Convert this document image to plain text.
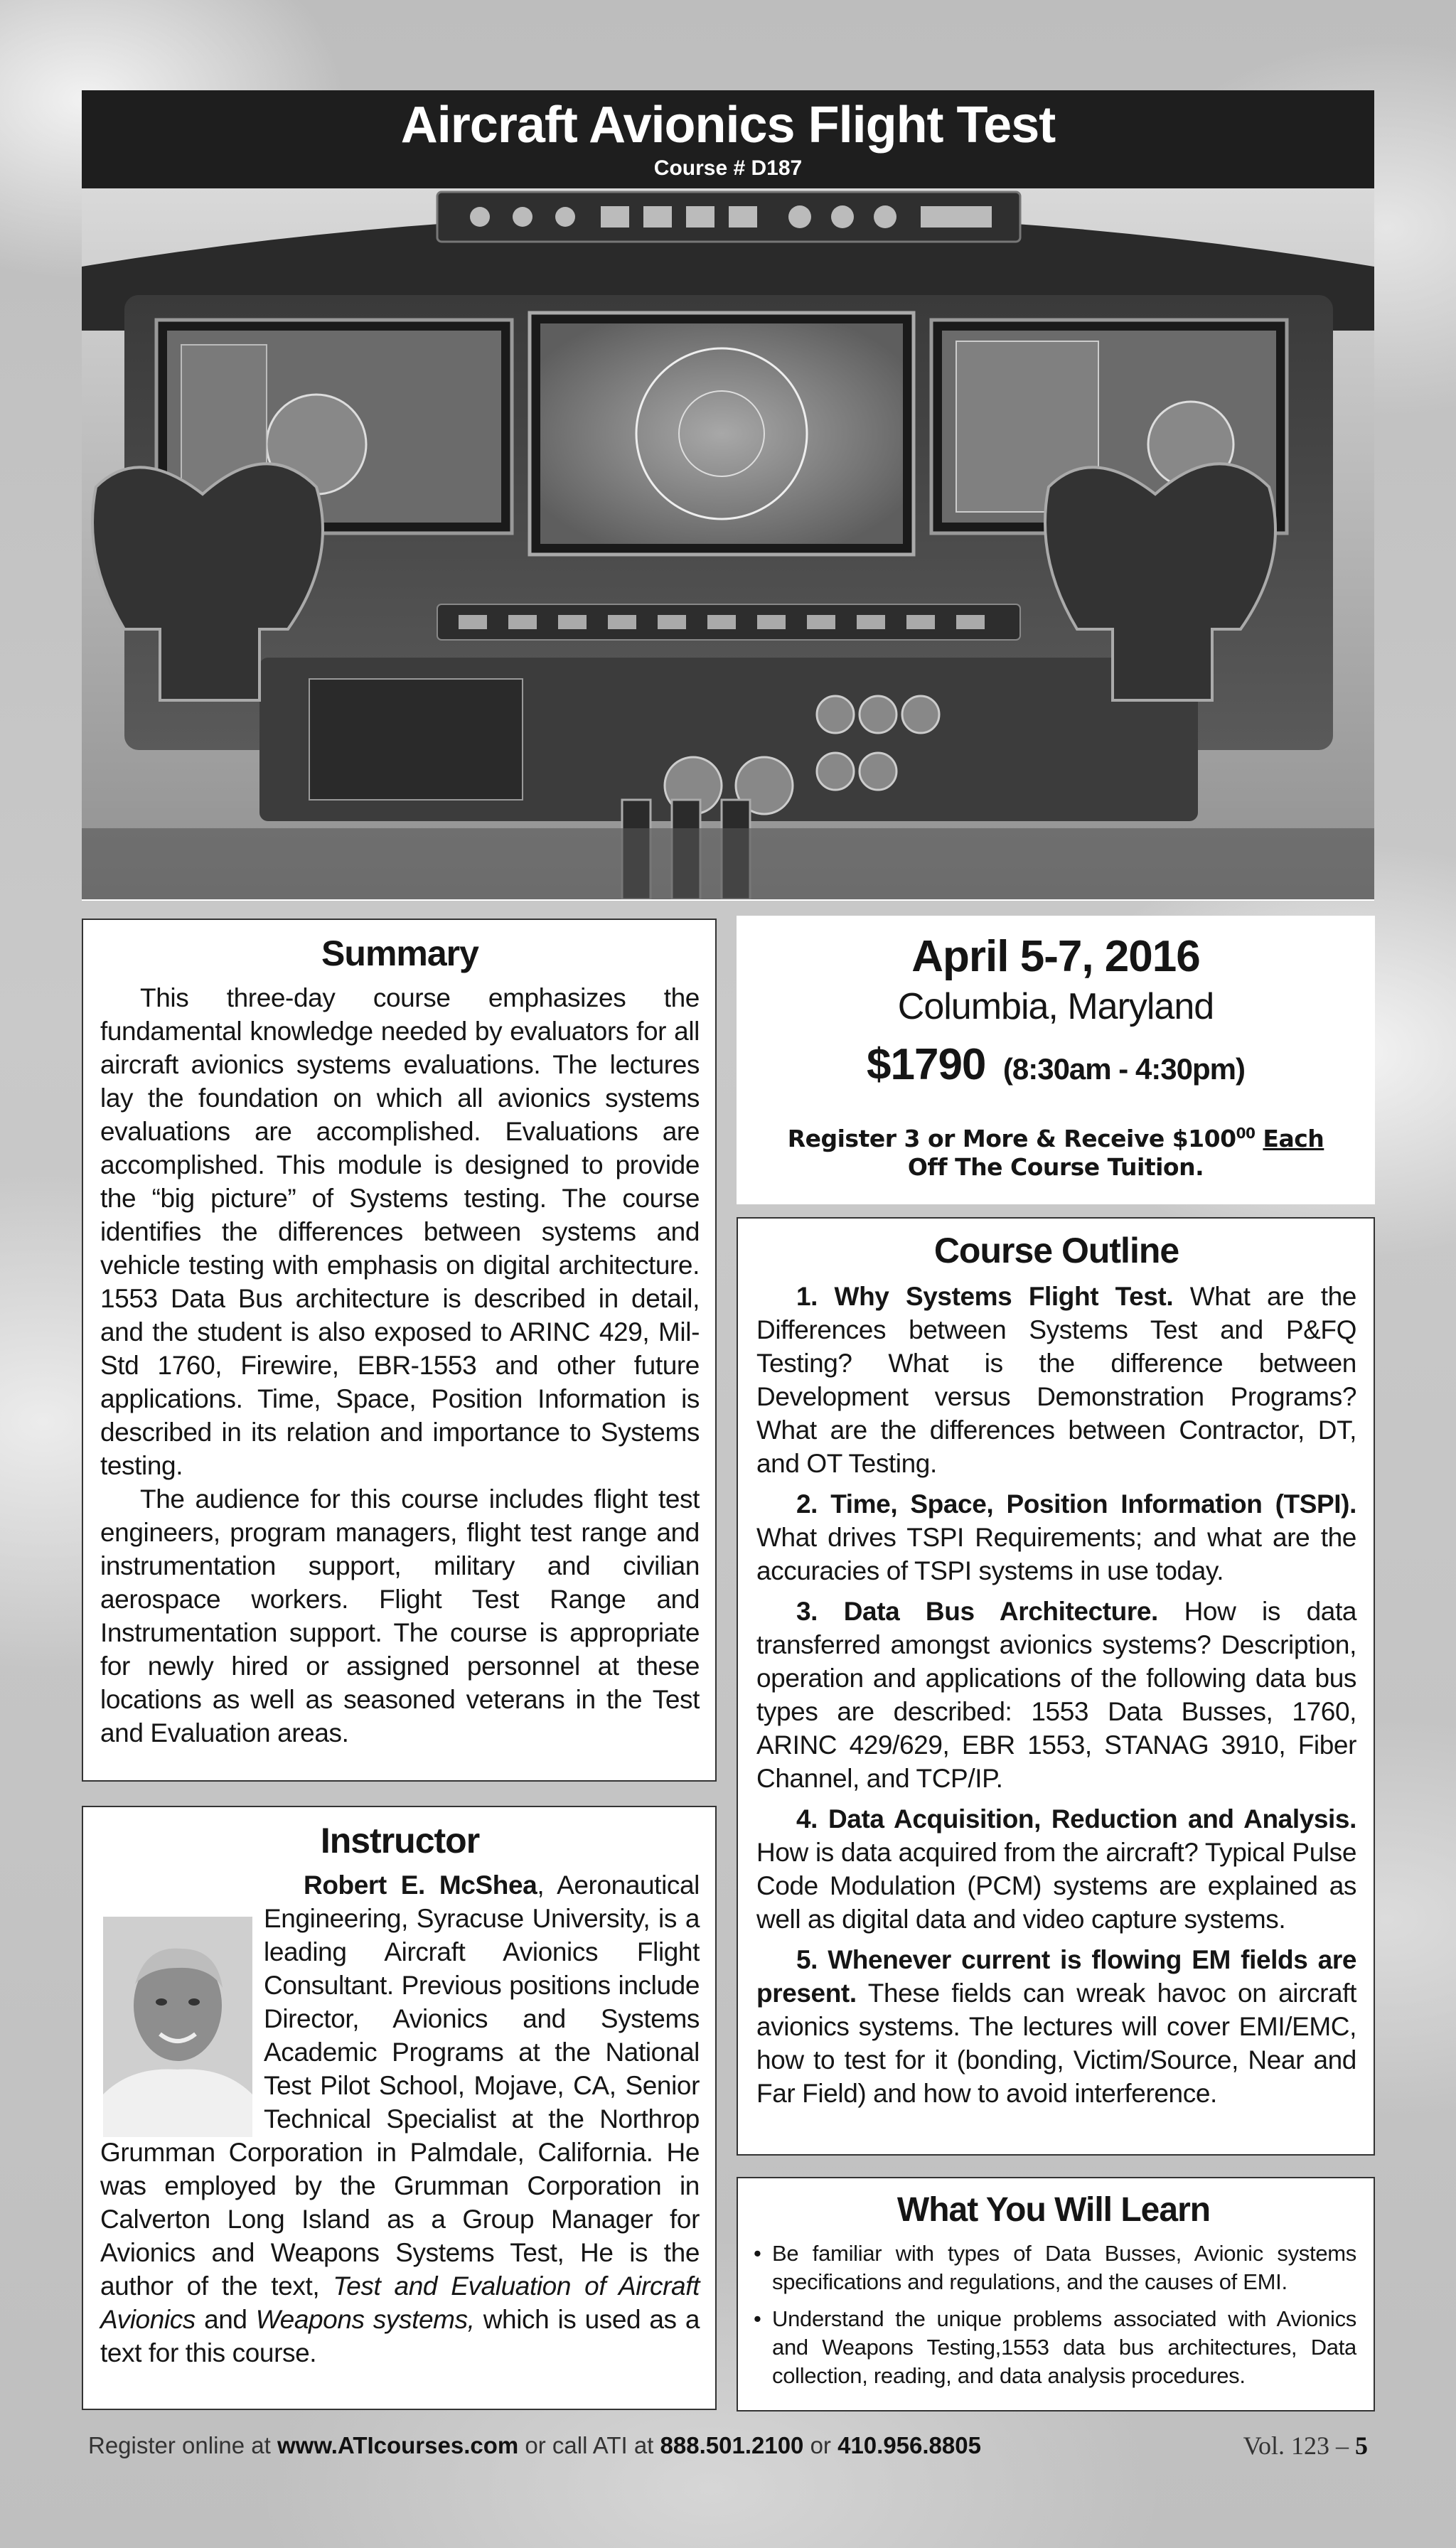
Aircraft Avionics Flight Test
Course # D187
Summary

This three-day course emphasizes the fundamental knowledge needed by evaluators for all aircraft avionics systems evaluations. The lectures lay the foundation on which all avionics systems evaluations are accomplished. Evaluations are accomplished. This module is designed to provide the “big picture” of Systems testing. The course identifies the differences between systems and vehicle testing with emphasis on digital architecture. 1553 Data Bus architecture is described in detail, and the student is also exposed to ARINC 429, Mil-Std 1760, Firewire, EBR-1553 and other future applications. Time, Space, Position Information is described in its relation and importance to Systems testing.

The audience for this course includes flight test engineers, program managers, flight test range and instrumentation support, military and civilian aerospace workers. Flight Test Range and Instrumentation support. The course is appropriate for newly hired or assigned personnel at these locations as well as seasoned veterans in the Test and Evaluation areas.

Instructor

Robert E. McShea, Aeronautical Engineering, Syracuse University, is a leading Aircraft Avionics Flight Consultant. Previous positions include Director, Avionics and Systems Academic Programs at the National Test Pilot School, Mojave, CA, Senior Technical Specialist at the Northrop Grumman Corporation in Palmdale, California. He was employed by the Grumman Corporation in Calverton Long Island as a Group Manager for Avionics and Weapons Systems Test, He is the author of the text, Test and Evaluation of Aircraft Avionics and Weapons systems, which is used as a text for this course.

April 5-7, 2016
Columbia, Maryland
$1790 (8:30am - 4:30pm)
Register 3 or More & Receive $\$100^{00}$ Each
Off The Course Tuition.
Course Outline

1. Why Systems Flight Test. What are the Differences between Systems Test and P&FQ Testing? What is the difference between Development versus Demonstration Programs? What are the differences between Contractor, DT, and OT Testing.

2. Time, Space, Position Information (TSPI). What drives TSPI Requirements; and what are the accuracies of TSPI systems in use today.

3. Data Bus Architecture. How is data transferred amongst avionics systems? Description, operation and applications of the following data bus types are described: 1553 Data Busses, 1760, ARINC 429/629, EBR 1553, STANAG 3910, Fiber Channel, and TCP/IP.

4. Data Acquisition, Reduction and Analysis. How is data acquired from the aircraft? Typical Pulse Code Modulation (PCM) systems are explained as well as digital data and video capture systems.

5. Whenever current is flowing EM fields are present. These fields can wreak havoc on aircraft avionics systems. The lectures will cover EMI/EMC, how to test for it (bonding, Victim/Source, Near and Far Field) and how to avoid interference.

What You Will Learn
• Be familiar with types of Data Busses, Avionic systems specifications and regulations, and the causes of EMI.
• Understand the unique problems associated with Avionics and Weapons Testing,1553 data bus architectures, Data collection, reading, and data analysis procedures.
Register online at www.ATIcourses.com or call ATI at 888.501.2100 or 410.956.8805	Vol. 123 – 5
